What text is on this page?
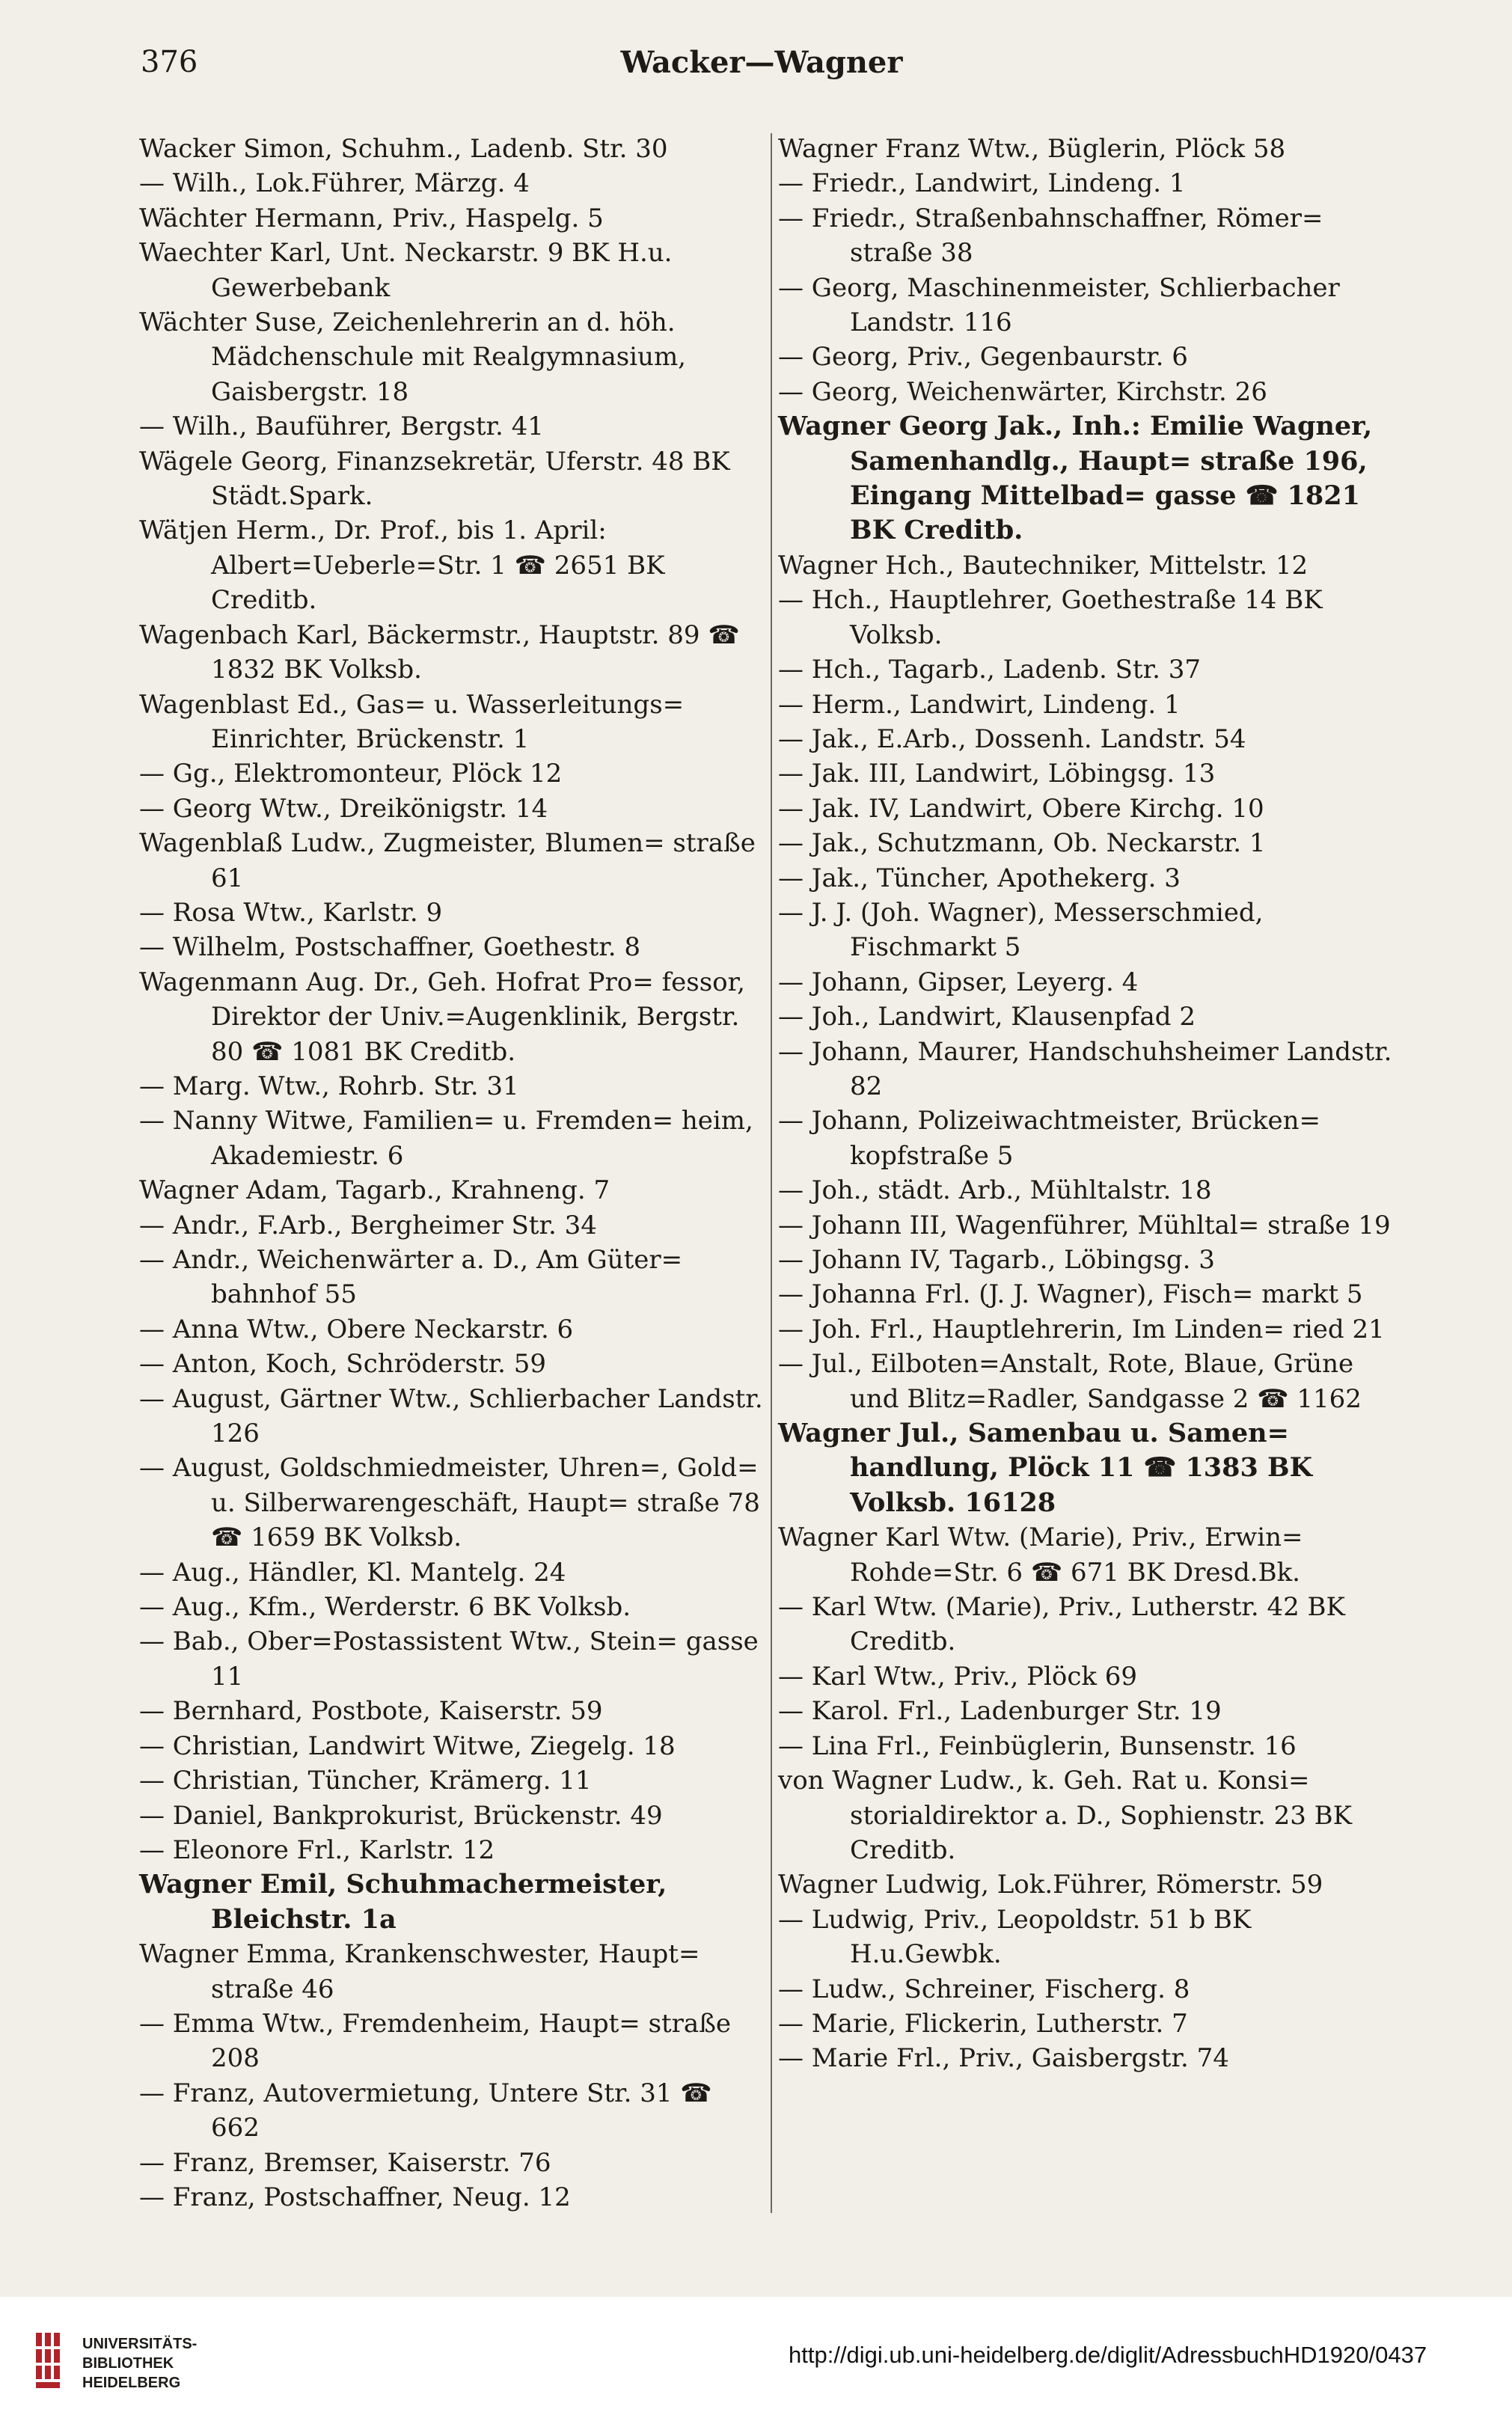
376	Wacker—Wagner
Wacker Simon, Schuhm., Ladenb. Str. 30
— Wilh., Lok.Führer, Märzg. 4
Wächter Hermann, Priv., Haspelg. 5
Waechter Karl, Unt. Neckarstr. 9 BK H.u. Gewerbebank
Wächter Suse, Zeichenlehrerin an d. höh. Mädchenschule mit Realgymnasium, Gaisbergstr. 18
— Wilh., Bauführer, Bergstr. 41
Wägele Georg, Finanzsekretär, Uferstr. 48 BK Städt.Spark.
Wätjen Herm., Dr. Prof., bis 1. April: Albert=Ueberle=Str. 1 ☎ 2651 BK Creditb.
Wagenbach Karl, Bäckermstr., Hauptstr. 89 ☎ 1832 BK Volksb.
Wagenblast Ed., Gas= u. Wasserleitungs= Einrichter, Brückenstr. 1
— Gg., Elektromonteur, Plöck 12
— Georg Wtw., Dreikönigstr. 14
Wagenblaß Ludw., Zugmeister, Blumen= straße 61
— Rosa Wtw., Karlstr. 9
— Wilhelm, Postschaffner, Goethestr. 8
Wagenmann Aug. Dr., Geh. Hofrat Pro= fessor, Direktor der Univ.=Augenklinik, Bergstr. 80 ☎ 1081 BK Creditb.
— Marg. Wtw., Rohrb. Str. 31
— Nanny Witwe, Familien= u. Fremden= heim, Akademiestr. 6
Wagner Adam, Tagarb., Krahneng. 7
— Andr., F.Arb., Bergheimer Str. 34
— Andr., Weichenwärter a. D., Am Güter= bahnhof 55
— Anna Wtw., Obere Neckarstr. 6
— Anton, Koch, Schröderstr. 59
— August, Gärtner Wtw., Schlierbacher Landstr. 126
— August, Goldschmiedmeister, Uhren=, Gold= u. Silberwarengeschäft, Haupt= straße 78 ☎ 1659 BK Volksb.
— Aug., Händler, Kl. Mantelg. 24
— Aug., Kfm., Werderstr. 6 BK Volksb.
— Bab., Ober=Postassistent Wtw., Stein= gasse 11
— Bernhard, Postbote, Kaiserstr. 59
— Christian, Landwirt Witwe, Ziegelg. 18
— Christian, Tüncher, Krämerg. 11
— Daniel, Bankprokurist, Brückenstr. 49
— Eleonore Frl., Karlstr. 12
Wagner Emil, Schuhmachermeister, Bleichstr. 1a
Wagner Emma, Krankenschwester, Haupt= straße 46
— Emma Wtw., Fremdenheim, Haupt= straße 208
— Franz, Autovermietung, Untere Str. 31 ☎ 662
— Franz, Bremser, Kaiserstr. 76
— Franz, Postschaffner, Neug. 12
Wagner Franz Wtw., Büglerin, Plöck 58
— Friedr., Landwirt, Lindeng. 1
— Friedr., Straßenbahnschaffner, Römer= straße 38
— Georg, Maschinenmeister, Schlierbacher Landstr. 116
— Georg, Priv., Gegenbaurstr. 6
— Georg, Weichenwärter, Kirchstr. 26
Wagner Georg Jak., Inh.: Emilie Wagner, Samenhandlg., Haupt= straße 196, Eingang Mittelbad= gasse ☎ 1821 BK Creditb.
Wagner Hch., Bautechniker, Mittelstr. 12
— Hch., Hauptlehrer, Goethestraße 14 BK Volksb.
— Hch., Tagarb., Ladenb. Str. 37
— Herm., Landwirt, Lindeng. 1
— Jak., E.Arb., Dossenh. Landstr. 54
— Jak. III, Landwirt, Löbingsg. 13
— Jak. IV, Landwirt, Obere Kirchg. 10
— Jak., Schutzmann, Ob. Neckarstr. 1
— Jak., Tüncher, Apothekerg. 3
— J. J. (Joh. Wagner), Messerschmied, Fischmarkt 5
— Johann, Gipser, Leyerg. 4
— Joh., Landwirt, Klausenpfad 2
— Johann, Maurer, Handschuhsheimer Landstr. 82
— Johann, Polizeiwachtmeister, Brücken= kopfstraße 5
— Joh., städt. Arb., Mühltalstr. 18
— Johann III, Wagenführer, Mühltal= straße 19
— Johann IV, Tagarb., Löbingsg. 3
— Johanna Frl. (J. J. Wagner), Fisch= markt 5
— Joh. Frl., Hauptlehrerin, Im Linden= ried 21
— Jul., Eilboten=Anstalt, Rote, Blaue, Grüne und Blitz=Radler, Sandgasse 2 ☎ 1162
Wagner Jul., Samenbau u. Samen= handlung, Plöck 11 ☎ 1383 BK Volksb. 16128
Wagner Karl Wtw. (Marie), Priv., Erwin= Rohde=Str. 6 ☎ 671 BK Dresd.Bk.
— Karl Wtw. (Marie), Priv., Lutherstr. 42 BK Creditb.
— Karl Wtw., Priv., Plöck 69
— Karol. Frl., Ladenburger Str. 19
— Lina Frl., Feinbüglerin, Bunsenstr. 16
von Wagner Ludw., k. Geh. Rat u. Konsi= storialdirektor a. D., Sophienstr. 23 BK Creditb.
Wagner Ludwig, Lok.Führer, Römerstr. 59
— Ludwig, Priv., Leopoldstr. 51 b BK H.u.Gewbk.
— Ludw., Schreiner, Fischerg. 8
— Marie, Flickerin, Lutherstr. 7
— Marie Frl., Priv., Gaisbergstr. 74
UNIVERSITÄTS-
BIBLIOTHEK
HEIDELBERG
http://digi.ub.uni-heidelberg.de/diglit/AdressbuchHD1920/0437
